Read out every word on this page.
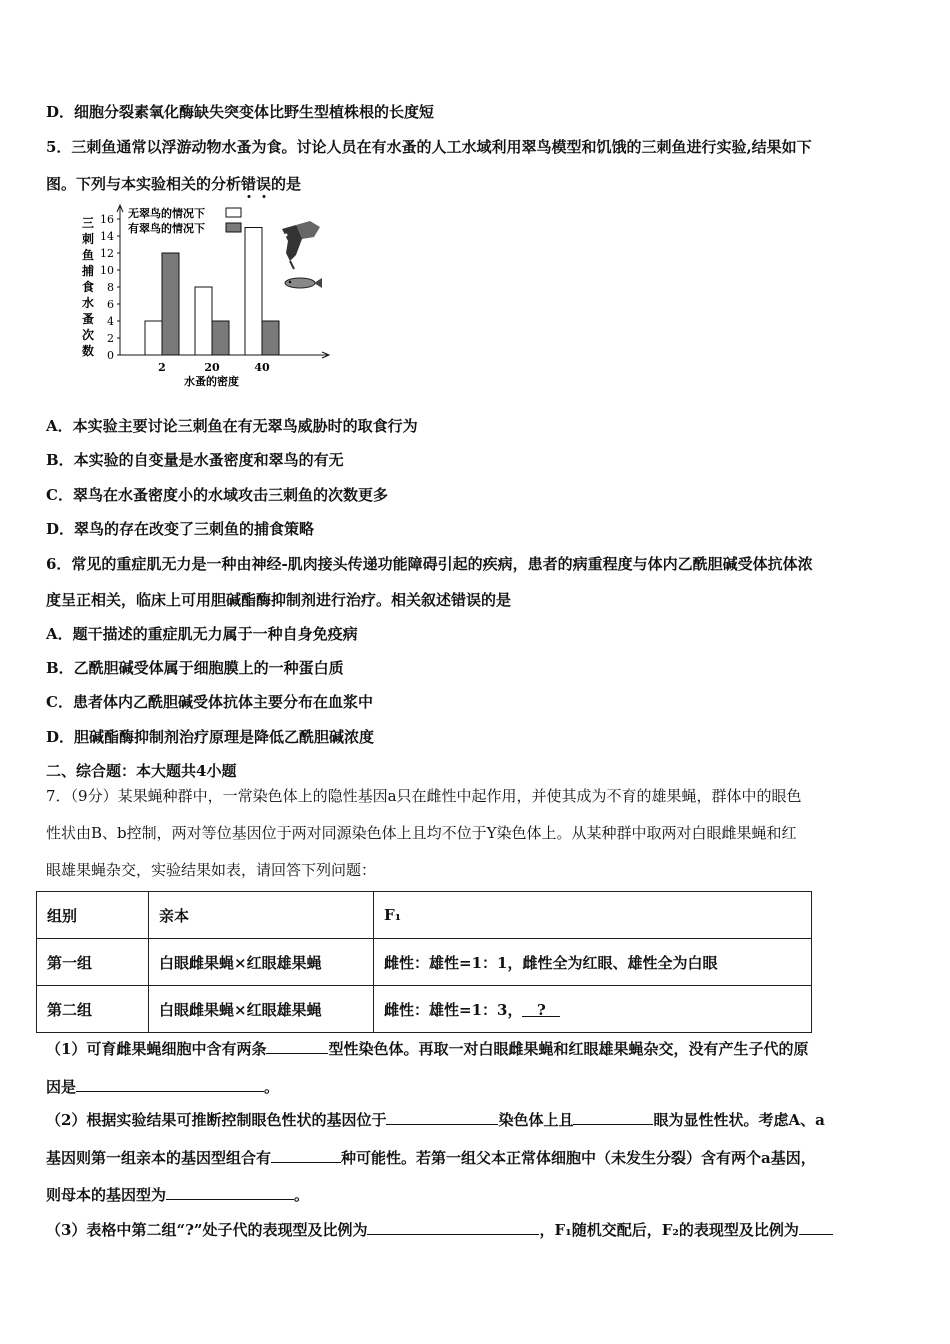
D．细胞分裂素氧化酶缺失突变体比野生型植株根的长度短
5．三刺鱼通常以浮游动物水蚤为食。讨论人员在有水蚤的人工水域利用翠鸟模型和饥饿的三刺鱼进行实验,结果如下
图。下列与本实验相关的分析错误
的是
三
刺
鱼
捕
食
水
蚤
次
数 0
2
4
6
8
10
12
14
16
2	20	40
无翠鸟的情况下
有翠鸟的情况下
水蚤的密度
A．本实验主要讨论三刺鱼在有无翠鸟威胁时的取食行为
B．本实验的自变量是水蚤密度和翠鸟的有无
C．翠鸟在水蚤密度小的水域攻击三刺鱼的次数更多
D．翠鸟的存在改变了三刺鱼的捕食策略
6．常见的重症肌无力是一种由神经-肌肉接头传递功能障碍引起的疾病，患者的病重程度与体内乙酰胆碱受体抗体浓
度呈正相关，临床上可用胆碱酯酶抑制剂进行治疗。相关叙述错误的是
A．题干描述的重症肌无力属于一种自身免疫病
B．乙酰胆碱受体属于细胞膜上的一种蛋白质
C．患者体内乙酰胆碱受体抗体主要分布在血浆中
D．胆碱酯酶抑制剂治疗原理是降低乙酰胆碱浓度
二、综合题：本大题共4小题
7．（9分）某果蝇种群中，一常染色体上的隐性基因a只在雌性中起作用，并使其成为不育的雄果蝇，群体中的眼色
性状由B、b控制，两对等位基因位于两对同源染色体上且均不位于Y染色体上。从某种群中取两对白眼雌果蝇和红
眼雄果蝇杂交，实验结果如表，请回答下列问题：
组别	亲本	F₁
第一组	白眼雌果蝇×红眼雄果蝇	雌性：雄性=1：1，雌性全为红眼、雄性全为白眼
第二组	白眼雌果蝇×红眼雄果蝇	雌性：雄性=1：3， ?
（1）可育雌果蝇细胞中含有两条	型性染色体。再取一对白眼雌果蝇和红眼雄果蝇杂交，没有产生子代的原
因是	。
（2）根据实验结果可推断控制眼色性状的基因位于	染色体上且	眼为显性性状。考虑A、a
基因则第一组亲本的基因型组合有	种可能性。若第一组父本正常体细胞中（未发生分裂）含有两个a基因，
则母本的基因型为	。
（3）表格中第二组“?”处子代的表现型及比例为	，F₁随机交配后，F₂的表现型及比例为
